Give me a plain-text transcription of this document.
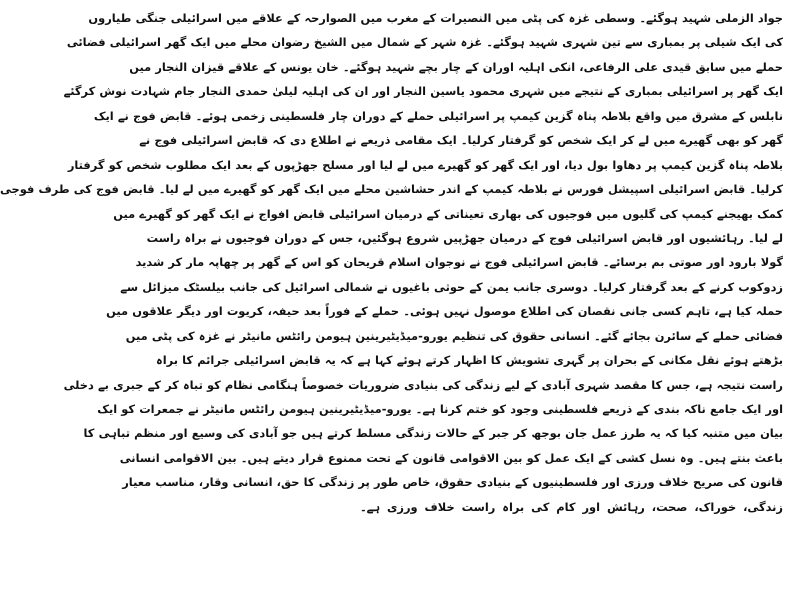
جواد الزملی شہید ہوگئے۔ وسطی غزہ کی پٹی میں النصیرات کے مغرب میں الصوارحہ کے علاقے میں اسرائیلی جنگی طیاروں
کی ایک شیلی پر بمباری سے تین شہری شہید ہوگئے۔ غزہ شہر کے شمال میں الشیخ رضوان محلے میں ایک گھر اسرائیلی فضائی
حملے میں سابق قیدی علی الرفاعی، انکی اہلیہ اوران کے چار بچے شہید ہوگئے۔ خان یونس کے علاقے قیزان النجار میں
ایک گھر پر اسرائیلی بمباری کے نتیجے میں شہری محمود یاسین النجار اور ان کی اہلیہ لیلیٰ حمدی النجار جام شہادت نوش کرگئے
نابلس کے مشرق میں واقع بلاطہ پناہ گزین کیمپ پر اسرائیلی حملے کے دوران چار فلسطینی زخمی ہوئے۔ قابض فوج نے ایک
گھر کو بھی گھیرے میں لے کر ایک شخص کو گرفتار کرلیا۔ ایک مقامی ذریعے نے اطلاع دی کہ قابض اسرائیلی فوج نے
بلاطہ پناہ گزین کیمپ پر دھاوا بول دیا، اور ایک گھر کو گھیرے میں لے لیا اور مسلح جھڑپوں کے بعد ایک مطلوب شخص کو گرفتار
کرلیا۔ قابض اسرائیلی اسپیشل فورس نے بلاطہ کیمپ کے اندر حشاشین محلے میں ایک گھر کو گھیرے میں لے لیا۔ قابض فوج کی طرف فوجی
کمک بھیجنے کیمپ کی گلیوں میں فوجیوں کی بھاری تعیناتی کے درمیان اسرائیلی قابض افواج نے ایک گھر کو گھیرے میں
لے لیا۔ رہائشیوں اور قابض اسرائیلی فوج کے درمیان جھڑپیں شروع ہوگئیں، جس کے دوران فوجیوں نے براہ راست
گولا بارود اور صوتی بم برسائے۔ قابض اسرائیلی فوج نے نوجوان اسلام قریحان کو اس کے گھر پر چھاپہ مار کر شدید
زدوکوب کرنے کے بعد گرفتار کرلیا۔ دوسری جانب یمن کے حوثی باغیوں نے شمالی اسرائیل کی جانب بیلسٹک میزائل سے
حملہ کیا ہے، تاہم کسی جانی نقصان کی اطلاع موصول نہیں ہوئی۔ حملے کے فوراً بعد حیفہ، کریوت اور دیگر علاقوں میں
فضائی حملے کے سائرن بجائے گئے۔ انسانی حقوق کی تنظیم یورو-میڈیٹیرینین ہیومن رائٹس مانیٹر نے غزہ کی پٹی میں
بڑھتے ہوئے نقل مکانی کے بحران پر گہری تشویش کا اظہار کرتے ہوئے کہا ہے کہ یہ قابض اسرائیلی جرائم کا براہ
راست نتیجہ ہے، جس کا مقصد شہری آبادی کے لیے زندگی کی بنیادی ضروریات خصوصاً ہنگامی نظام کو تباہ کر کے جبری بے دخلی
اور ایک جامع ناکہ بندی کے ذریعے فلسطینی وجود کو ختم کرنا ہے۔ یورو-میڈیٹیرینین ہیومن رائٹس مانیٹر نے جمعرات کو ایک
بیان میں متنبہ کیا کہ یہ طرز عمل جان بوجھ کر جبر کے حالات زندگی مسلط کرتے ہیں جو آبادی کی وسیع اور منظم تباہی کا
باعث بنتے ہیں۔ وہ نسل کشی کے ایک عمل کو بین الاقوامی قانون کے تحت ممنوع قرار دیتے ہیں۔ بین الاقوامی انسانی
قانون کی صریح خلاف ورزی اور فلسطینیوں کے بنیادی حقوق، خاص طور پر زندگی کا حق، انسانی وقار، مناسب معیار
زندگی، خوراک، صحت، رہائش اور کام کی براہ راست خلاف ورزی ہے۔
